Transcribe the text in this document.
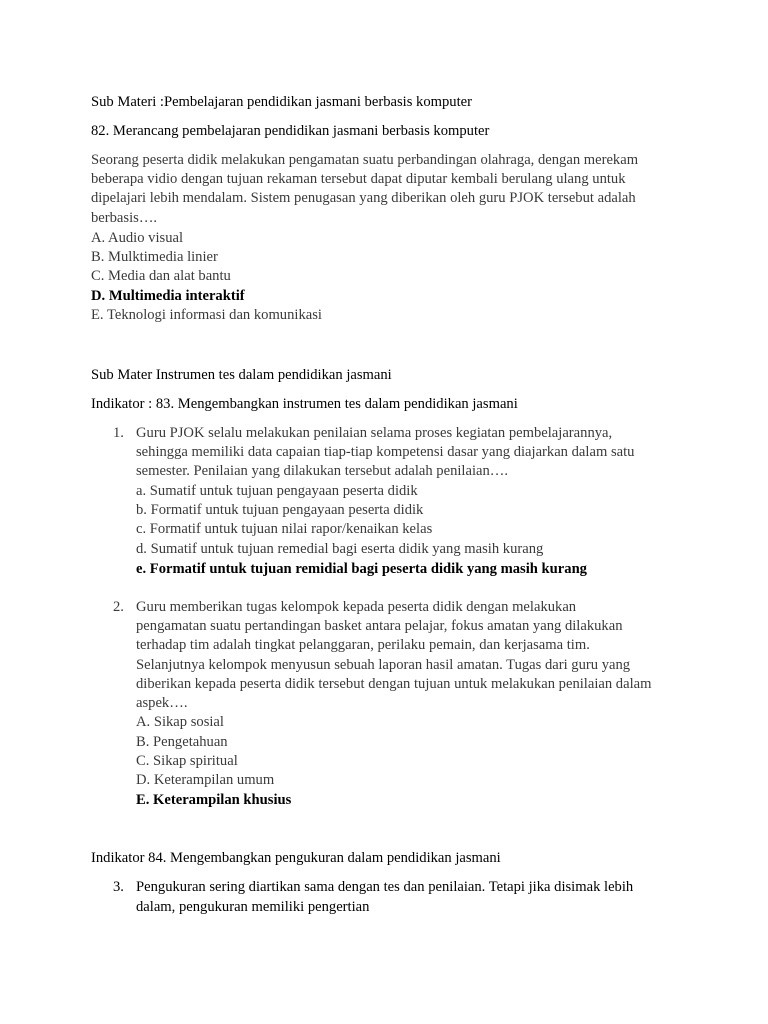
Sub Materi :Pembelajaran pendidikan jasmani berbasis komputer
82. Merancang pembelajaran pendidikan jasmani berbasis komputer
Seorang peserta didik melakukan pengamatan suatu perbandingan olahraga, dengan merekam
beberapa vidio dengan tujuan rekaman tersebut dapat diputar kembali berulang ulang untuk
dipelajari lebih mendalam. Sistem penugasan yang diberikan oleh guru PJOK tersebut adalah
berbasis….
A. Audio visual
B. Mulktimedia linier
C. Media dan alat bantu
D. Multimedia interaktif
E. Teknologi informasi dan komunikasi
Sub Mater Instrumen tes dalam pendidikan jasmani
Indikator : 83. Mengembangkan instrumen tes dalam pendidikan jasmani
1. Guru PJOK selalu melakukan penilaian selama proses kegiatan pembelajarannya,
sehingga memiliki data capaian tiap-tiap kompetensi dasar yang diajarkan dalam satu
semester. Penilaian yang dilakukan tersebut adalah penilaian….
a. Sumatif untuk tujuan pengayaan peserta didik
b. Formatif untuk tujuan pengayaan peserta didik
c. Formatif untuk tujuan nilai rapor/kenaikan kelas
d. Sumatif untuk tujuan remedial bagi eserta didik yang masih kurang
e. Formatif untuk tujuan remidial bagi peserta didik yang masih kurang
2. Guru memberikan tugas kelompok kepada peserta didik dengan melakukan
pengamatan suatu pertandingan basket antara pelajar, fokus amatan yang dilakukan
terhadap tim adalah tingkat pelanggaran, perilaku pemain, dan kerjasama tim.
Selanjutnya kelompok menyusun sebuah laporan hasil amatan. Tugas dari guru yang
diberikan kepada peserta didik tersebut dengan tujuan untuk melakukan penilaian dalam
aspek….
A. Sikap sosial
B. Pengetahuan
C. Sikap spiritual
D. Keterampilan umum
E. Keterampilan khusius
Indikator 84. Mengembangkan pengukuran dalam pendidikan jasmani
3. Pengukuran sering diartikan sama dengan tes dan penilaian. Tetapi jika disimak lebih
dalam, pengukuran memiliki pengertian
